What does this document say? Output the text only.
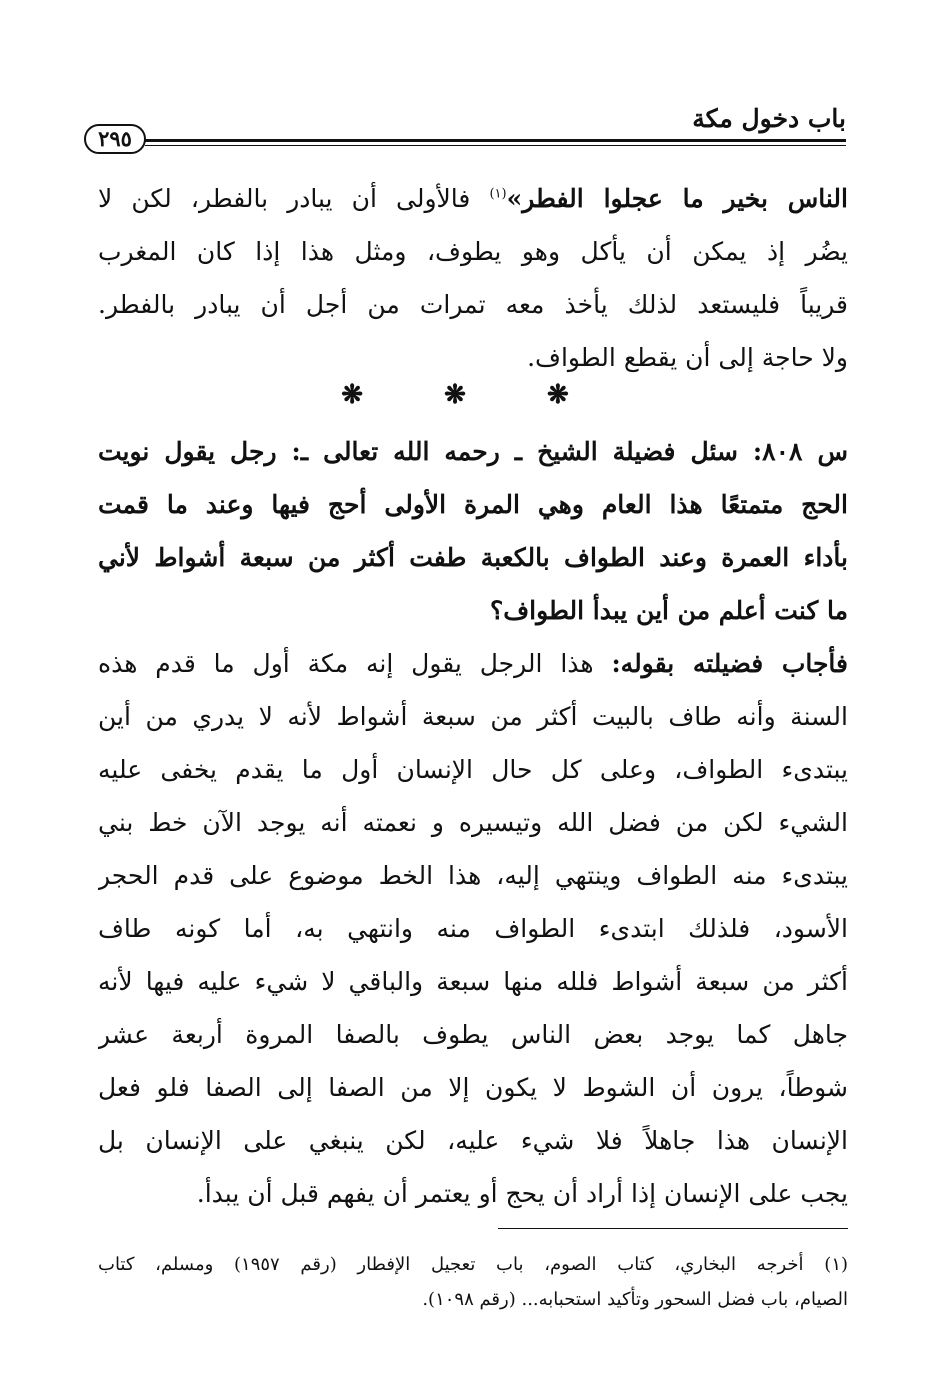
باب دخول مكة
٢٩٥
الناس بخير ما عجلوا الفطر»$^{(١)}$ فالأولى أن يبادر بالفطر، لكن لا
يضُر إذ يمكن أن يأكل وهو يطوف، ومثل هذا إذا كان المغرب
قريباً فليستعد لذلك يأخذ معه تمرات من أجل أن يبادر بالفطر.
ولا حاجة إلى أن يقطع الطواف.
❋ ❋ ❋
س ٨٠٨: سئل فضيلة الشيخ ـ رحمه الله تعالى ـ: رجل يقول نويت
الحج متمتعًا هذا العام وهي المرة الأولى أحج فيها وعند ما قمت
بأداء العمرة وعند الطواف بالكعبة طفت أكثر من سبعة أشواط لأني
ما كنت أعلم من أين يبدأ الطواف؟
فأجاب فضيلته بقوله: هذا الرجل يقول إنه مكة أول ما قدم هذه
السنة وأنه طاف بالبيت أكثر من سبعة أشواط لأنه لا يدري من أين
يبتدىء الطواف، وعلى كل حال الإنسان أول ما يقدم يخفى عليه
الشيء لكن من فضل الله وتيسيره و نعمته أنه يوجد الآن خط بني
يبتدىء منه الطواف وينتهي إليه، هذا الخط موضوع على قدم الحجر
الأسود، فلذلك ابتدىء الطواف منه وانتهي به، أما كونه طاف
أكثر من سبعة أشواط فلله منها سبعة والباقي لا شيء عليه فيها لأنه
جاهل كما يوجد بعض الناس يطوف بالصفا المروة أربعة عشر
شوطاً، يرون أن الشوط لا يكون إلا من الصفا إلى الصفا فلو فعل
الإنسان هذا جاهلاً فلا شيء عليه، لكن ينبغي على الإنسان بل
يجب على الإنسان إذا أراد أن يحج أو يعتمر أن يفهم قبل أن يبدأ.
(١) أخرجه البخاري، كتاب الصوم، باب تعجيل الإفطار (رقم ١٩٥٧) ومسلم، كتاب
الصيام، باب فضل السحور وتأكيد استحبابه... (رقم ١٠٩٨).
